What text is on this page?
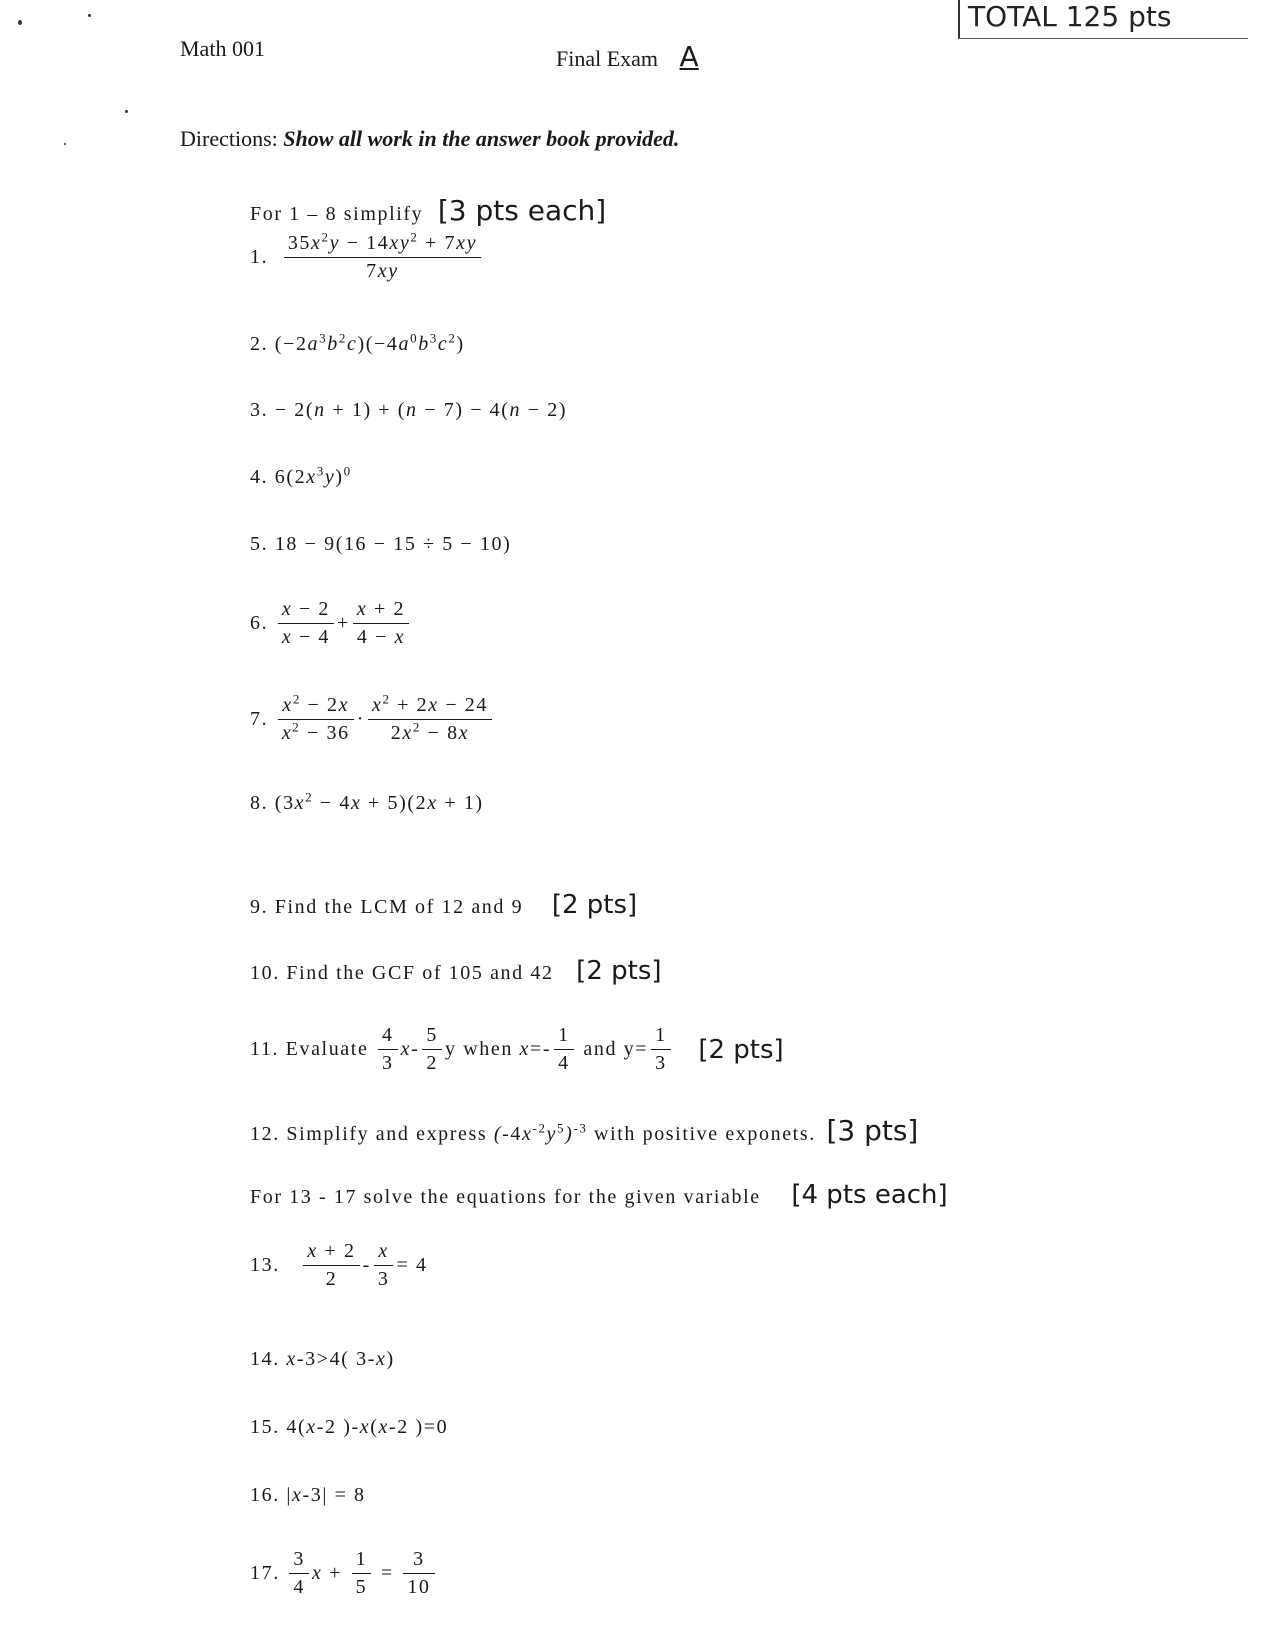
Math 001	Final Exam A
TOTAL 125 pts
Directions: Show all work in the answer book provided.
For 1 – 8 simplify [3 pts each]
1. $\frac{35x^2y - 14xy^2 + 7xy}{7xy}$
2. $(-2a^3b^2c)(-4a^0b^3c^2)$
3. − 2(n + 1) + (n − 7) − 4(n − 2)
4. $6(2x^3y)^0$
5. 18 − 9(16 − 15 ÷ 5 − 10)
6. $\frac{x - 2}{x - 4} + \frac{x + 2}{4 - x}$
7. $\frac{x^2 - 2x}{x^2 - 36} \cdot \frac{x^2 + 2x - 24}{2x^2 - 8x}$
8. $(3x^2 - 4x + 5)(2x + 1)$
9. Find the LCM of 12 and 9 [2 pts]
10. Find the GCF of 105 and 42 [2 pts]
11. Evaluate $\frac{4}{3} x- \frac{5}{2}$ y when $x=- \frac{1}{4}$ and $y= \frac{1}{3} [2$ pts]
12. Simplify and express $(-4x^{-2}y^5)^{-3}$ with positive exponets. [3 pts]
For 13 - 17 solve the equations for the given variable [4 pts each]
13. $\frac{x + 2}{2} - \frac{x}{3} = 4$
14. x-3>4( 3-x)
15. 4(x-2 )-x(x-2 )=0
16. |x-3| = 8
17. $\frac{3}{4}$ $x + \frac{1}{5} = \frac{3}{10}$
